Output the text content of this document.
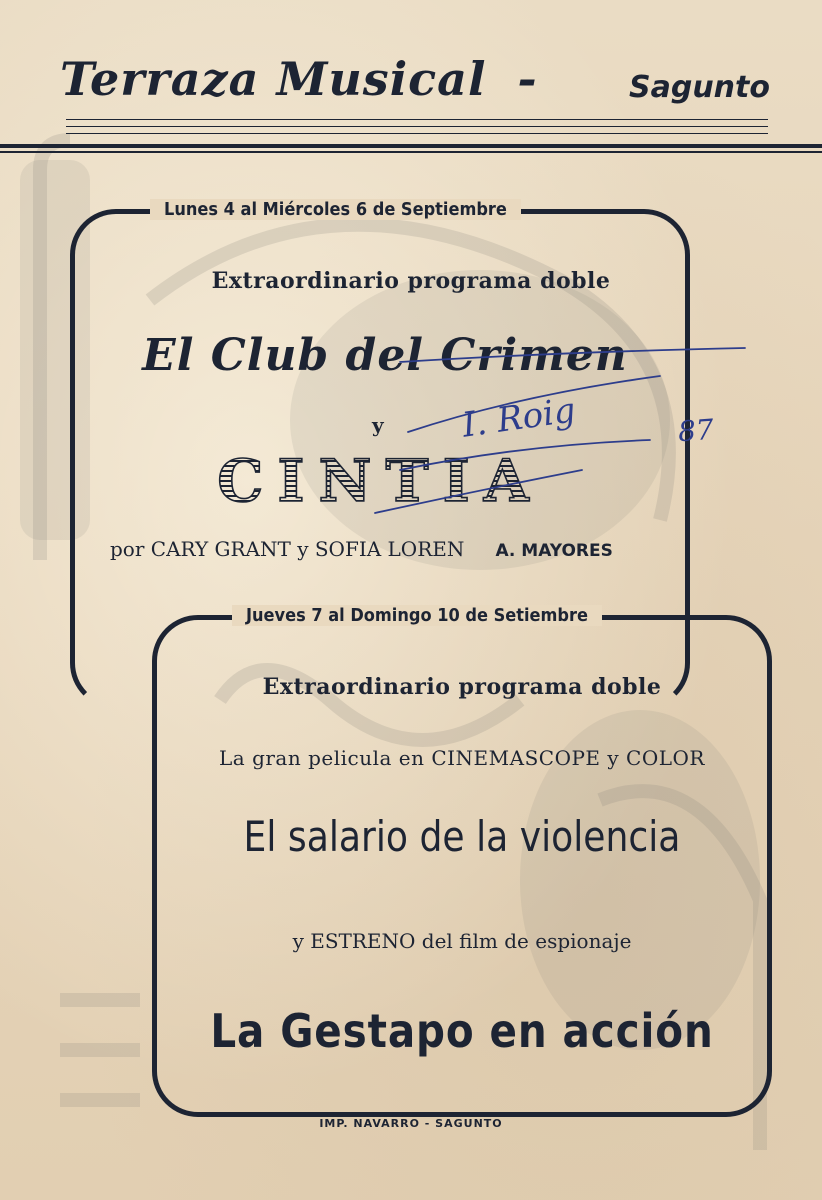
Terraza Musical -	Sagunto
Lunes 4 al Miércoles 6 de Septiembre
Extraordinario programa doble
El Club del Crimen
y
CINTIA
por CARY GRANT y SOFIA LOREN A. MAYORES
Jueves 7 al Domingo 10 de Setiembre
Extraordinario programa doble
La gran pelicula en CINEMASCOPE y COLOR
El salario de la violencia
y ESTRENO del film de espionaje
La Gestapo en acción
I. Roig	87
IMP. NAVARRO - SAGUNTO
